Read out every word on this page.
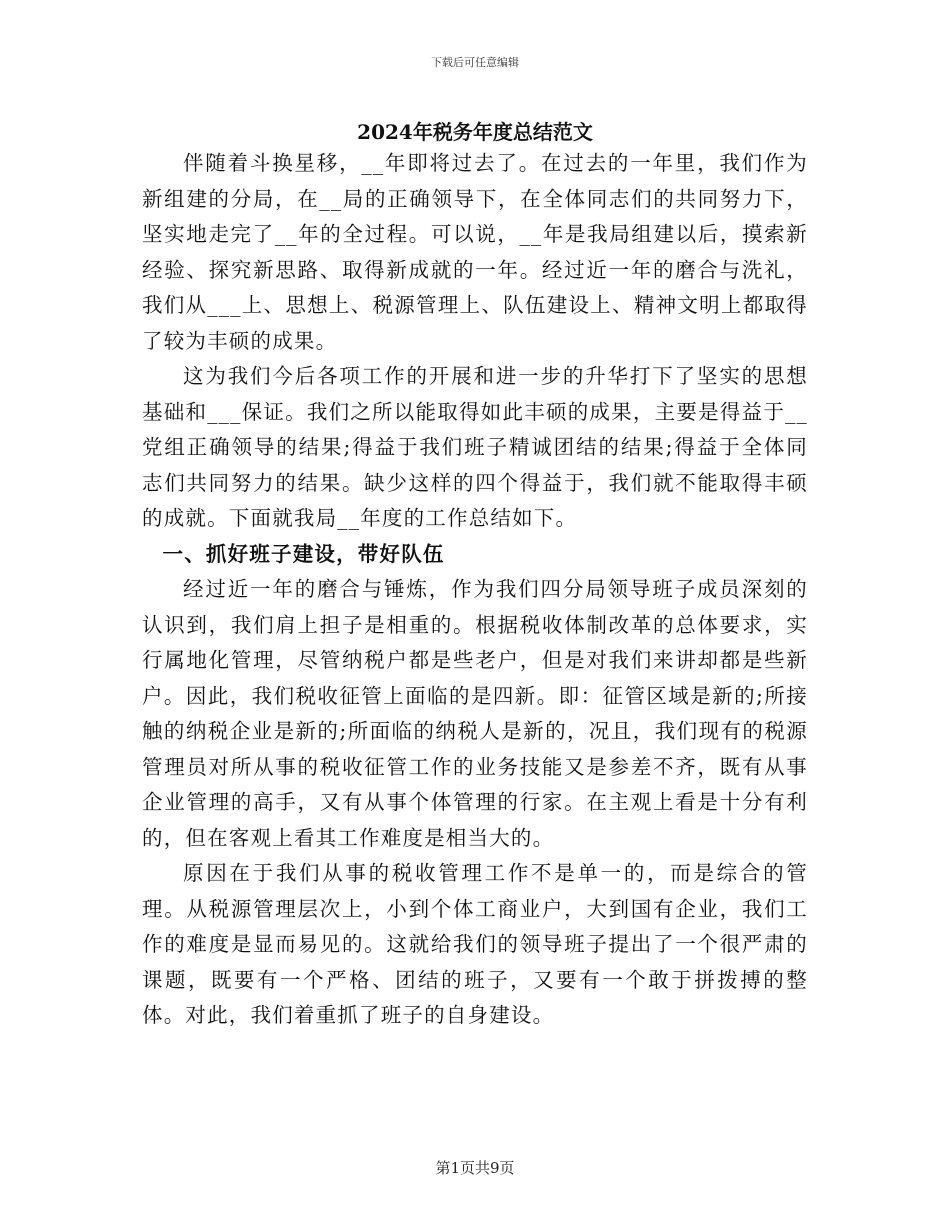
下载后可任意编辑
2024年税务年度总结范文

伴随着斗换星移，__年即将过去了。在过去的一年里，我们作为新组建的分局，在__局的正确领导下，在全体同志们的共同努力下，坚实地走完了__年的全过程。可以说，__年是我局组建以后，摸索新经验、探究新思路、取得新成就的一年。经过近一年的磨合与洗礼，我们从___上、思想上、税源管理上、队伍建设上、精神文明上都取得了较为丰硕的成果。

这为我们今后各项工作的开展和进一步的升华打下了坚实的思想基础和___保证。我们之所以能取得如此丰硕的成果，主要是得益于__党组正确领导的结果;得益于我们班子精诚团结的结果;得益于全体同志们共同努力的结果。缺少这样的四个得益于，我们就不能取得丰硕的成就。下面就我局__年度的工作总结如下。

一、抓好班子建设，带好队伍

经过近一年的磨合与锤炼，作为我们四分局领导班子成员深刻的认识到，我们肩上担子是相重的。根据税收体制改革的总体要求，实行属地化管理，尽管纳税户都是些老户，但是对我们来讲却都是些新户。因此，我们税收征管上面临的是四新。即：征管区域是新的;所接触的纳税企业是新的;所面临的纳税人是新的，况且，我们现有的税源管理员对所从事的税收征管工作的业务技能又是参差不齐，既有从事企业管理的高手，又有从事个体管理的行家。在主观上看是十分有利的，但在客观上看其工作难度是相当大的。

原因在于我们从事的税收管理工作不是单一的，而是综合的管理。从税源管理层次上，小到个体工商业户，大到国有企业，我们工作的难度是显而易见的。这就给我们的领导班子提出了一个很严肃的课题，既要有一个严格、团结的班子，又要有一个敢于拼拨搏的整体。对此，我们着重抓了班子的自身建设。

第1页共9页
